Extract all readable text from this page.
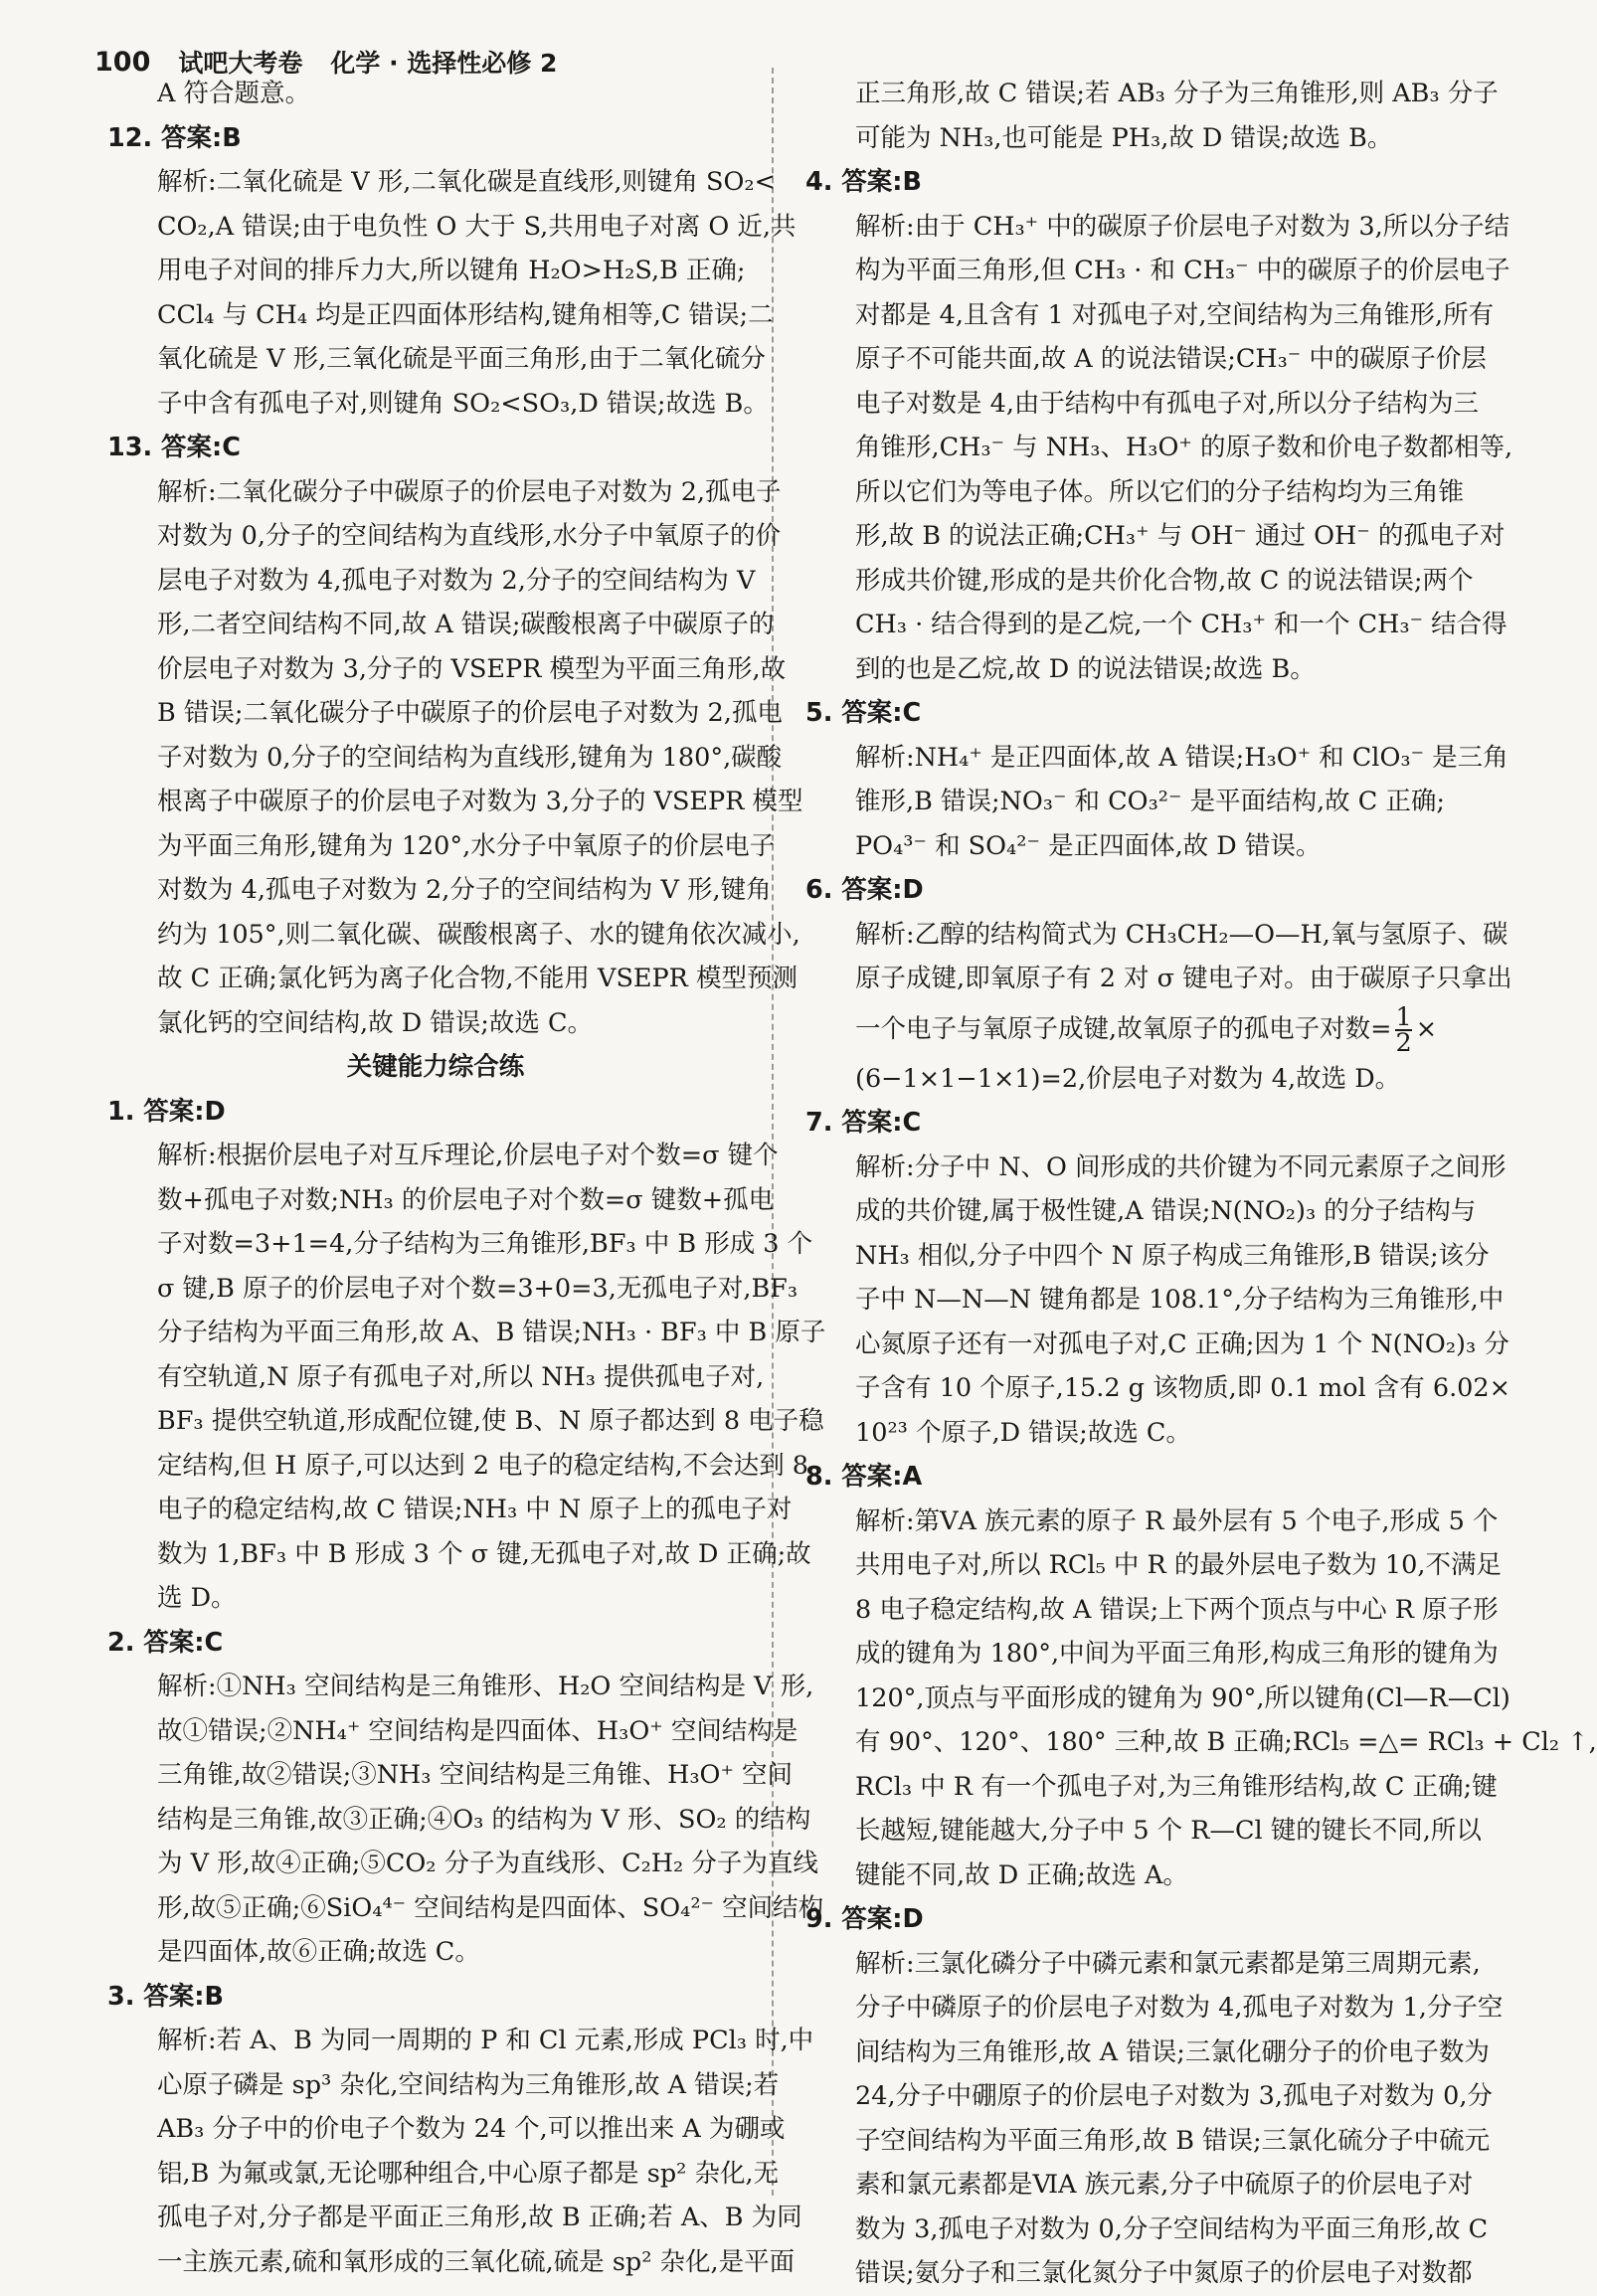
100 试吧大考卷 化学 · 选择性必修 2
A 符合题意。
12. 答案:B
解析:二氧化硫是 V 形,二氧化碳是直线形,则键角 SO₂<
CO₂,A 错误;由于电负性 O 大于 S,共用电子对离 O 近,共
用电子对间的排斥力大,所以键角 H₂O>H₂S,B 正确;
CCl₄ 与 CH₄ 均是正四面体形结构,键角相等,C 错误;二
氧化硫是 V 形,三氧化硫是平面三角形,由于二氧化硫分
子中含有孤电子对,则键角 SO₂<SO₃,D 错误;故选 B。
13. 答案:C
解析:二氧化碳分子中碳原子的价层电子对数为 2,孤电子
对数为 0,分子的空间结构为直线形,水分子中氧原子的价
层电子对数为 4,孤电子对数为 2,分子的空间结构为 V
形,二者空间结构不同,故 A 错误;碳酸根离子中碳原子的
价层电子对数为 3,分子的 VSEPR 模型为平面三角形,故
B 错误;二氧化碳分子中碳原子的价层电子对数为 2,孤电
子对数为 0,分子的空间结构为直线形,键角为 180°,碳酸
根离子中碳原子的价层电子对数为 3,分子的 VSEPR 模型
为平面三角形,键角为 120°,水分子中氧原子的价层电子
对数为 4,孤电子对数为 2,分子的空间结构为 V 形,键角
约为 105°,则二氧化碳、碳酸根离子、水的键角依次减小,
故 C 正确;氯化钙为离子化合物,不能用 VSEPR 模型预测
氯化钙的空间结构,故 D 错误;故选 C。
关键能力综合练
1. 答案:D
解析:根据价层电子对互斥理论,价层电子对个数=σ 键个
数+孤电子对数;NH₃ 的价层电子对个数=σ 键数+孤电
子对数=3+1=4,分子结构为三角锥形,BF₃ 中 B 形成 3 个
σ 键,B 原子的价层电子对个数=3+0=3,无孤电子对,BF₃
分子结构为平面三角形,故 A、B 错误;NH₃ · BF₃ 中 B 原子
有空轨道,N 原子有孤电子对,所以 NH₃ 提供孤电子对,
BF₃ 提供空轨道,形成配位键,使 B、N 原子都达到 8 电子稳
定结构,但 H 原子,可以达到 2 电子的稳定结构,不会达到 8
电子的稳定结构,故 C 错误;NH₃ 中 N 原子上的孤电子对
数为 1,BF₃ 中 B 形成 3 个 σ 键,无孤电子对,故 D 正确;故
选 D。
2. 答案:C
解析:①NH₃ 空间结构是三角锥形、H₂O 空间结构是 V 形,
故①错误;②NH₄⁺ 空间结构是四面体、H₃O⁺ 空间结构是
三角锥,故②错误;③NH₃ 空间结构是三角锥、H₃O⁺ 空间
结构是三角锥,故③正确;④O₃ 的结构为 V 形、SO₂ 的结构
为 V 形,故④正确;⑤CO₂ 分子为直线形、C₂H₂ 分子为直线
形,故⑤正确;⑥SiO₄⁴⁻ 空间结构是四面体、SO₄²⁻ 空间结构
是四面体,故⑥正确;故选 C。
3. 答案:B
解析:若 A、B 为同一周期的 P 和 Cl 元素,形成 PCl₃ 时,中
心原子磷是 sp³ 杂化,空间结构为三角锥形,故 A 错误;若
AB₃ 分子中的价电子个数为 24 个,可以推出来 A 为硼或
铝,B 为氟或氯,无论哪种组合,中心原子都是 sp² 杂化,无
孤电子对,分子都是平面正三角形,故 B 正确;若 A、B 为同
一主族元素,硫和氧形成的三氧化硫,硫是 sp² 杂化,是平面
正三角形,故 C 错误;若 AB₃ 分子为三角锥形,则 AB₃ 分子
可能为 NH₃,也可能是 PH₃,故 D 错误;故选 B。
4. 答案:B
解析:由于 CH₃⁺ 中的碳原子价层电子对数为 3,所以分子结
构为平面三角形,但 CH₃ · 和 CH₃⁻ 中的碳原子的价层电子
对都是 4,且含有 1 对孤电子对,空间结构为三角锥形,所有
原子不可能共面,故 A 的说法错误;CH₃⁻ 中的碳原子价层
电子对数是 4,由于结构中有孤电子对,所以分子结构为三
角锥形,CH₃⁻ 与 NH₃、H₃O⁺ 的原子数和价电子数都相等,
所以它们为等电子体。所以它们的分子结构均为三角锥
形,故 B 的说法正确;CH₃⁺ 与 OH⁻ 通过 OH⁻ 的孤电子对
形成共价键,形成的是共价化合物,故 C 的说法错误;两个
CH₃ · 结合得到的是乙烷,一个 CH₃⁺ 和一个 CH₃⁻ 结合得
到的也是乙烷,故 D 的说法错误;故选 B。
5. 答案:C
解析:NH₄⁺ 是正四面体,故 A 错误;H₃O⁺ 和 ClO₃⁻ 是三角
锥形,B 错误;NO₃⁻ 和 CO₃²⁻ 是平面结构,故 C 正确;
PO₄³⁻ 和 SO₄²⁻ 是正四面体,故 D 错误。
6. 答案:D
解析:乙醇的结构简式为 CH₃CH₂—O—H,氧与氢原子、碳
原子成键,即氧原子有 2 对 σ 键电子对。由于碳原子只拿出
一个电子与氧原子成键,故氧原子的孤电子对数= $\frac{1}{2}$ ×
(6−1×1−1×1)=2,价层电子对数为 4,故选 D。
7. 答案:C
解析:分子中 N、O 间形成的共价键为不同元素原子之间形
成的共价键,属于极性键,A 错误;N(NO₂)₃ 的分子结构与
NH₃ 相似,分子中四个 N 原子构成三角锥形,B 错误;该分
子中 N—N—N 键角都是 108.1°,分子结构为三角锥形,中
心氮原子还有一对孤电子对,C 正确;因为 1 个 N(NO₂)₃ 分
子含有 10 个原子,15.2 g 该物质,即 0.1 mol 含有 6.02×
10²³ 个原子,D 错误;故选 C。
8. 答案:A
解析:第ⅤA 族元素的原子 R 最外层有 5 个电子,形成 5 个
共用电子对,所以 RCl₅ 中 R 的最外层电子数为 10,不满足
8 电子稳定结构,故 A 错误;上下两个顶点与中心 R 原子形
成的键角为 180°,中间为平面三角形,构成三角形的键角为
120°,顶点与平面形成的键角为 90°,所以键角(Cl—R—Cl)
有 90°、120°、180° 三种,故 B 正确;RCl₅ =△= RCl₃ + Cl₂ ↑,
RCl₃ 中 R 有一个孤电子对,为三角锥形结构,故 C 正确;键
长越短,键能越大,分子中 5 个 R—Cl 键的键长不同,所以
键能不同,故 D 正确;故选 A。
9. 答案:D
解析:三氯化磷分子中磷元素和氯元素都是第三周期元素,
分子中磷原子的价层电子对数为 4,孤电子对数为 1,分子空
间结构为三角锥形,故 A 错误;三氯化硼分子的价电子数为
24,分子中硼原子的价层电子对数为 3,孤电子对数为 0,分
子空间结构为平面三角形,故 B 错误;三氯化硫分子中硫元
素和氯元素都是ⅥA 族元素,分子中硫原子的价层电子对
数为 3,孤电子对数为 0,分子空间结构为平面三角形,故 C
错误;氨分子和三氯化氮分子中氮原子的价层电子对数都
